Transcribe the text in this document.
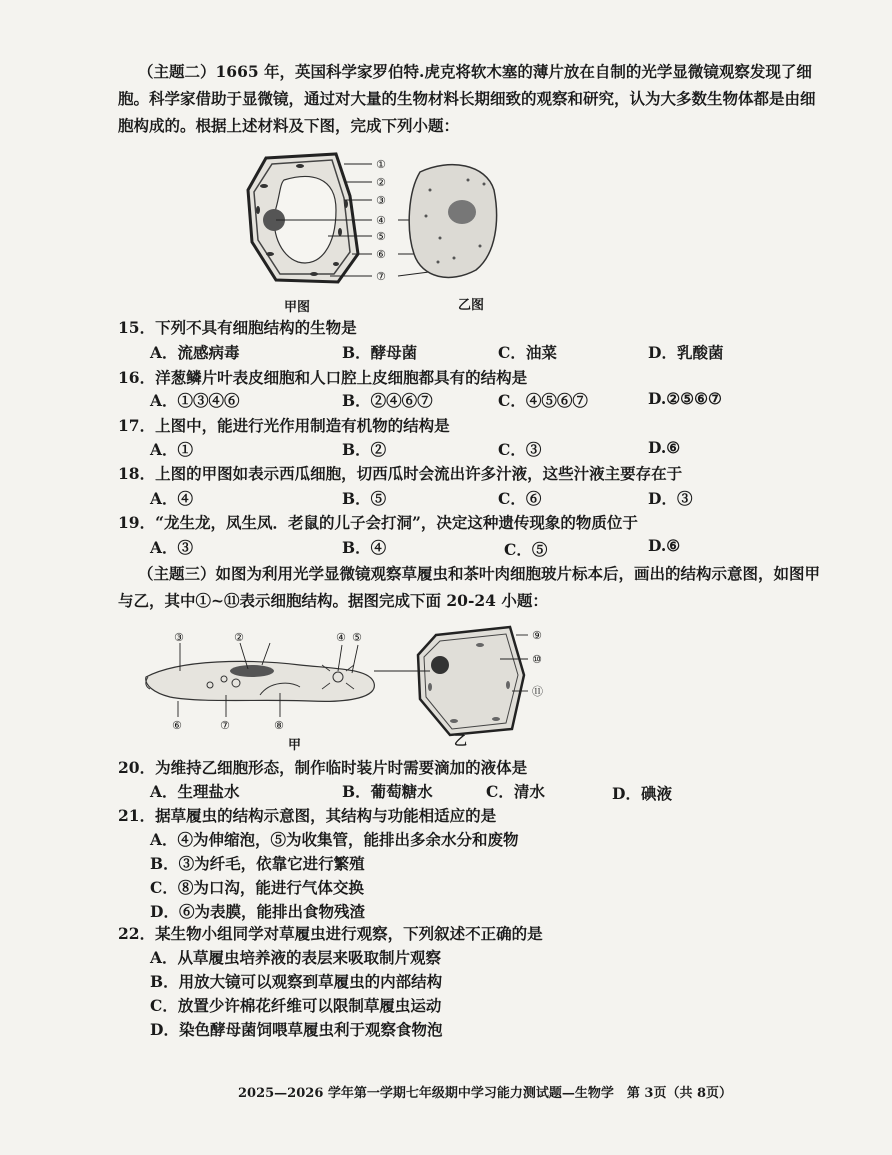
（主题二）1665 年，英国科学家罗伯特.虎克将软木塞的薄片放在自制的光学显微镜观察发现了细胞。科学家借助于显微镜，通过对大量的生物材料长期细致的观察和研究，认为大多数生物体都是由细胞构成的。根据上述材料及下图，完成下列小题：
①
②
③
④
⑤
⑥
⑦
甲图	乙图
15．下列不具有细胞结构的生物是
A．流感病毒	B．酵母菌	C．油菜	D．乳酸菌
16．洋葱鳞片叶表皮细胞和人口腔上皮细胞都具有的结构是
A．①③④⑥	B．②④⑥⑦	C．④⑤⑥⑦	D.②⑤⑥⑦
17．上图中，能进行光作用制造有机物的结构是
A．①	B．②	C．③	D.⑥
18．上图的甲图如表示西瓜细胞，切西瓜时会流出许多汁液，这些汁液主要存在于
A．④	B．⑤	C．⑥	D．③
19．“龙生龙，凤生凤．老鼠的儿子会打洞”，决定这种遗传现象的物质位于
A．③	B．④	C．⑤	D.⑥
（主题三）如图为利用光学显微镜观察草履虫和茶叶肉细胞玻片标本后，画出的结构示意图，如图甲与乙，其中①~⑪表示细胞结构。据图完成下面 20-24 小题：
③	②	④ ⑤
⑥	⑦	⑧
⑨
⑩
⑪
甲	乙
20．为维持乙细胞形态，制作临时装片时需要滴加的液体是
A．生理盐水	B．葡萄糖水	C．清水	D．碘液
21．据草履虫的结构示意图，其结构与功能相适应的是
A．④为伸缩泡，⑤为收集管，能排出多余水分和废物
B．③为纤毛，依靠它进行繁殖
C．⑧为口沟，能进行气体交换
D．⑥为表膜，能排出食物残渣
22．某生物小组同学对草履虫进行观察，下列叙述不正确的是
A．从草履虫培养液的表层来吸取制片观察
B．用放大镜可以观察到草履虫的内部结构
C．放置少许棉花纤维可以限制草履虫运动
D．染色酵母菌饲喂草履虫利于观察食物泡
2025—2026 学年第一学期七年级期中学习能力测试题—生物学　第 3页（共 8页）
